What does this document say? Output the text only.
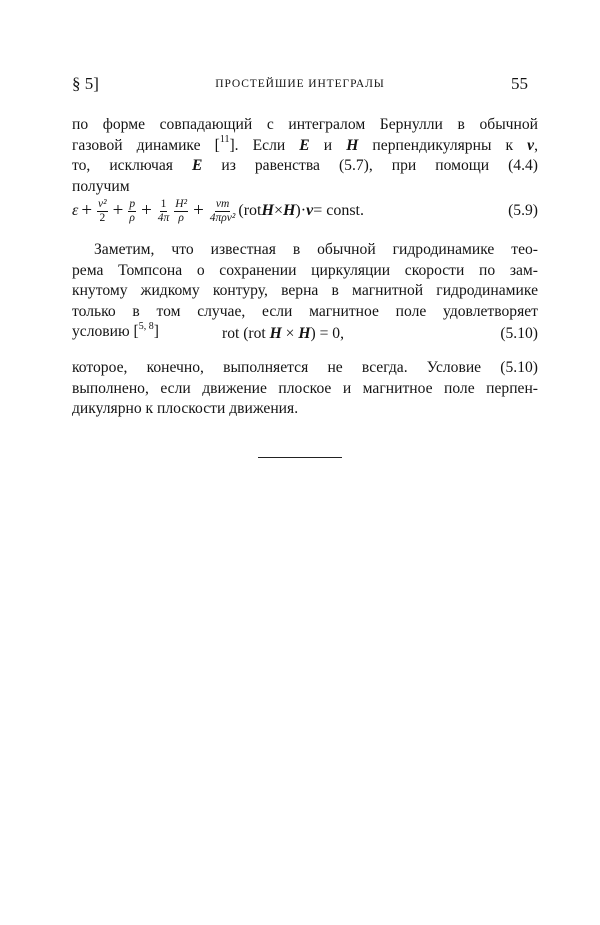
§ 5]	ПРОСТЕЙШИЕ ИНТЕГРАЛЫ	55
по форме совпадающий с интегралом Бернулли в обычной
газовой динамике [$^{11}$]. Если E и H перпендикулярны к v,
то, исключая E из равенства (5.7), при помощи (4.4)
получим
$\varepsilon + \frac{\text{v²}}{2} + \frac{p}{\rho} + \frac{1}{4\pi} \frac{\text{H²}}{\rho} + \frac{\nu m}{\text{4πρv²}} (rot$ H × H ) · v = const.	(5.9)
Заметим, что известная в обычной гидродинамике тео-
рема Томпсона о сохранении циркуляции скорости по зам-
кнутому жидкому контуру, верна в магнитной гидродинамике
только в том случае, если магнитное поле удовлетворяет
условию [$^{5, 8}$]	rot (rot H × H) = 0,	(5.10)
которое, конечно, выполняется не всегда. Условие (5.10)
выполнено, если движение плоское и магнитное поле перпен-
дикулярно к плоскости движения.
